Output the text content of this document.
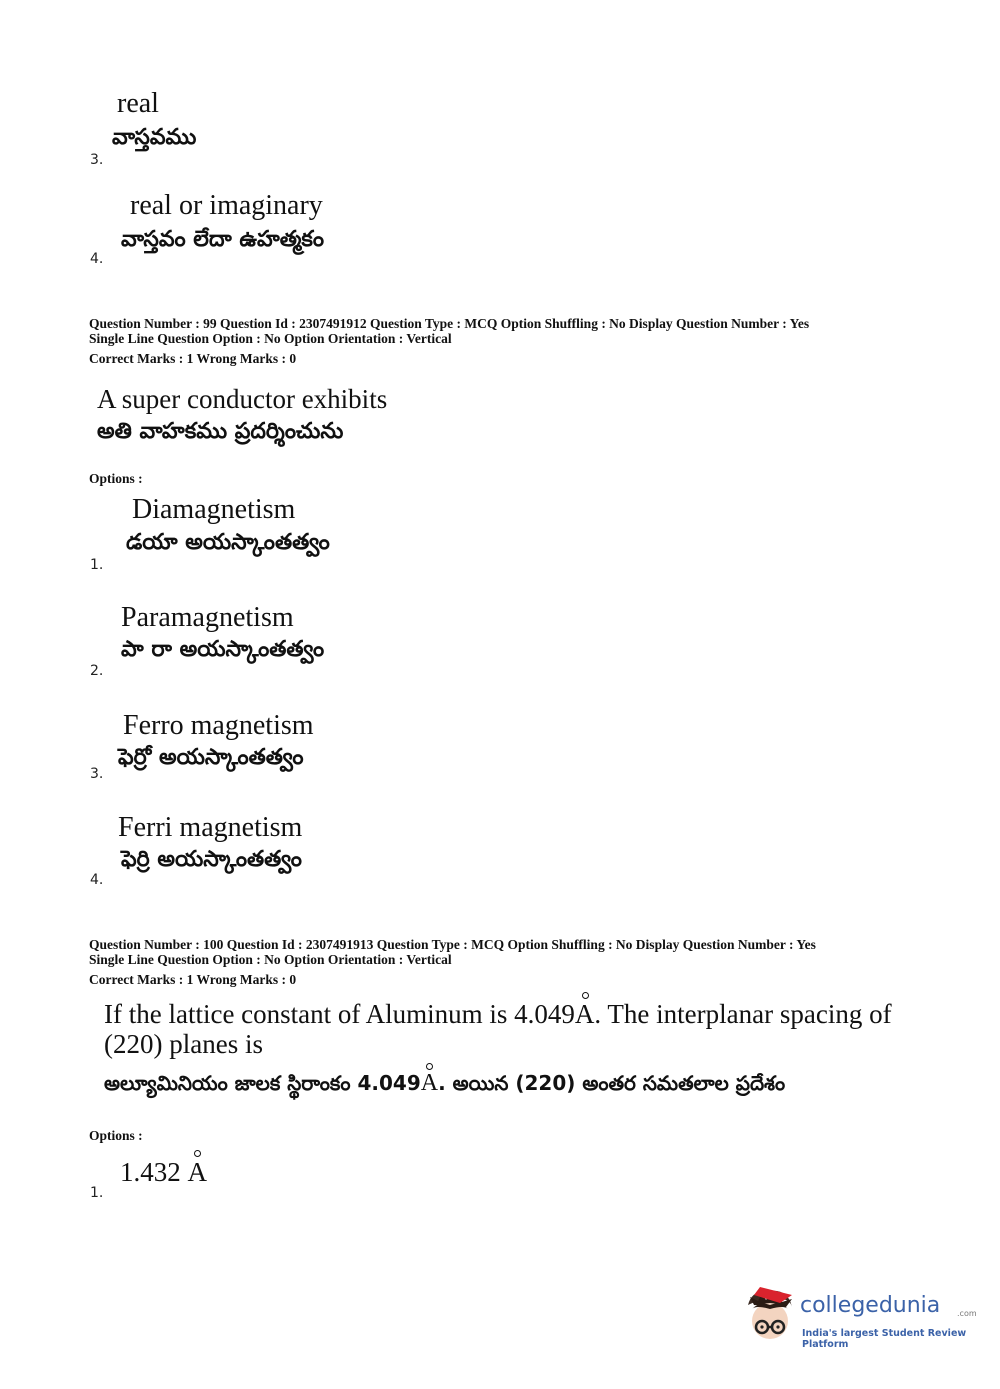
real
వాస్తవము
3.
real or imaginary
వాస్తవం లేదా ఉహత్మకం
4.
Question Number : 99 Question Id : 2307491912 Question Type : MCQ Option Shuffling : No Display Question Number : Yes
Single Line Question Option : No Option Orientation : Vertical
Correct Marks : 1 Wrong Marks : 0
A super conductor exhibits
అతి వాహకము ప్రదర్శించును
Options :
Diamagnetism
డయా అయస్కాంతత్వం
1.
Paramagnetism
పా రా అయస్కాంతత్వం
2.
Ferro magnetism
ఫెర్రో అయస్కాంతత్వం
3.
Ferri magnetism
ఫెర్రి అయస్కాంతత్వం
4.
Question Number : 100 Question Id : 2307491913 Question Type : MCQ Option Shuffling : No Display Question Number : Yes
Single Line Question Option : No Option Orientation : Vertical
Correct Marks : 1 Wrong Marks : 0
If the lattice constant of Aluminum is 4.049A. The interplanar spacing of
(220) planes is
అల్యూమినియం జాలక స్థిరాంకం 4.049A. అయిన (220) అంతర సమతలాల ప్రదేశం
Options :
1.432 A
1.
collegedunia .com
India's largest Student Review Platform
